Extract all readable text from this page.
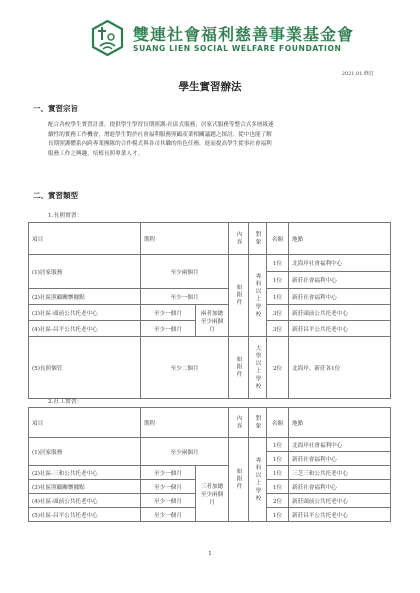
雙連社會福利慈善事業基金會
SUANG LIEN SOCIAL WELFARE FOUNDATION
2021.01.修訂
學生實習辦法
一、實習宗旨
配合各校學生實習計畫，提供學生學習長期照護-社區式服務，居家式服務等整合式多層級連
續性的實務工作機會，增進學生對於社會福利服務照顧產業相關議題之探討，從中也能了解
長期照護體系內跨專業團隊的合作模式與各司其職的角色任務，進而提高學生從事社會福利
服務工作之興趣，培植長照專業人才。
二、實習類型
1.長照實習：
項目	期程		內容	對象	名額	地點
(1)居家服務	至少兩個月		如附件	專科以上學校	1位	北海岸社會福利中心
					1位	新莊社會福利中心
(2)社區照顧關懷據點	至少一個月				1位	新莊社會福利中心
(3)社區-頭前公共托老中心	至少一個月	兩者加總至少兩個月			3位	新莊頭前公共托老中心
(4)社區-昌平公共托老中心	至少一個月				3位	新莊昌平公共托老中心
(5)長照個管	至少二個月		如附件	大學以上學校	2位	北海岸、新莊各1位
2.社工實習：
項目	期程		內容	對象	名額	地點
(1)居家服務	至少兩個月		如附件	專科以上學校	1位	北海岸社會福利中心
					1位	新莊社會福利中心
(2)社區-三和公共托老中心	至少一個月	三者加總至少兩個月			1位	三芝三和公共托老中心
(3)社區照顧關懷據點	至少一個月				1位	新莊社會福利中心
(4)社區-頭前公共托老中心	至少一個月				2位	新莊頭前公共托老中心
(5)社區-昌平公共托老中心	至少一個月				1位	新莊昌平公共托老中心
1
